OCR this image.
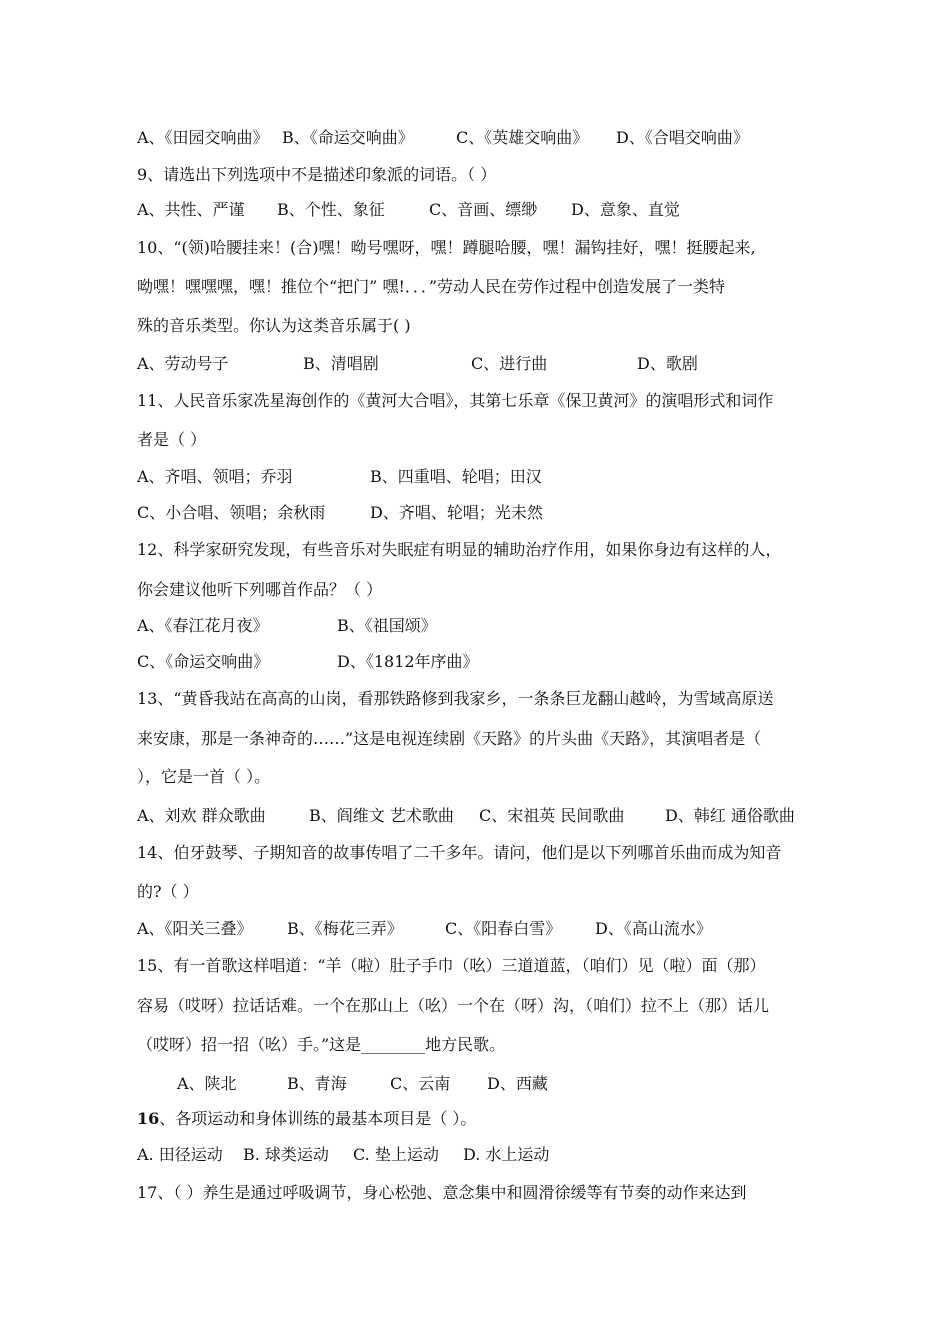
A、《田园交响曲》 B、《命运交响曲》	C、《英雄交响曲》 D、《合唱交响曲》
9、请选出下列选项中不是描述印象派的词语。（ ）
A、共性、严谨 B、个性、象征	C、音画、缥缈 D、意象、直觉
10、“(领)哈腰挂来！(合)嘿！呦号嘿呀，嘿！蹲腿哈腰，嘿！漏钩挂好，嘿！挺腰起来,
呦嘿！嘿嘿嘿，嘿！推位个“把门” 嘿!．．．”劳动人民在劳作过程中创造发展了一类特
殊的音乐类型。你认为这类音乐属于( )
A、劳动号子	B、清唱剧	C、进行曲	D、歌剧
11、人民音乐家冼星海创作的《黄河大合唱》，其第七乐章《保卫黄河》的演唱形式和词作
者是（ ）
A、齐唱、领唱；乔羽	B、四重唱、轮唱；田汉
C、小合唱、领唱；余秋雨	D、齐唱、轮唱；光未然
12、科学家研究发现，有些音乐对失眠症有明显的辅助治疗作用，如果你身边有这样的人，
你会建议他听下列哪首作品？（ ）
A、《春江花月夜》	B、《祖国颂》
C、《命运交响曲》	D、《1812年序曲》
13、“黄昏我站在高高的山岗，看那铁路修到我家乡，一条条巨龙翻山越岭，为雪域高原送
来安康，那是一条神奇的……”这是电视连续剧《天路》的片头曲《天路》，其演唱者是（
），它是一首（ ）。
A、刘欢 群众歌曲	B、阎维文 艺术歌曲 C、宋祖英 民间歌曲	D、韩红 通俗歌曲
14、伯牙鼓琴、子期知音的故事传唱了二千多年。请问，他们是以下列哪首乐曲而成为知音
的?（ ）
A、《阳关三叠》 B、《梅花三弄》	C、《阳春白雪》 D、《高山流水》
15、有一首歌这样唱道：“羊（啦）肚子手巾（吆）三道道蓝，（咱们）见（啦）面（那）
容易（哎呀）拉话话难。一个在那山上（吆）一个在（呀）沟，（咱们）拉不上（那）话儿
（哎呀）招一招（吆）手。”这是________地方民歌。
A、陕北	B、青海	C、云南 D、西藏
16、各项运动和身体训练的最基本项目是（ ）。
A. 田径运动 B. 球类运动 C. 垫上运动 D. 水上运动
17、（ ）养生是通过呼吸调节，身心松弛、意念集中和圆滑徐缓等有节奏的动作来达到
